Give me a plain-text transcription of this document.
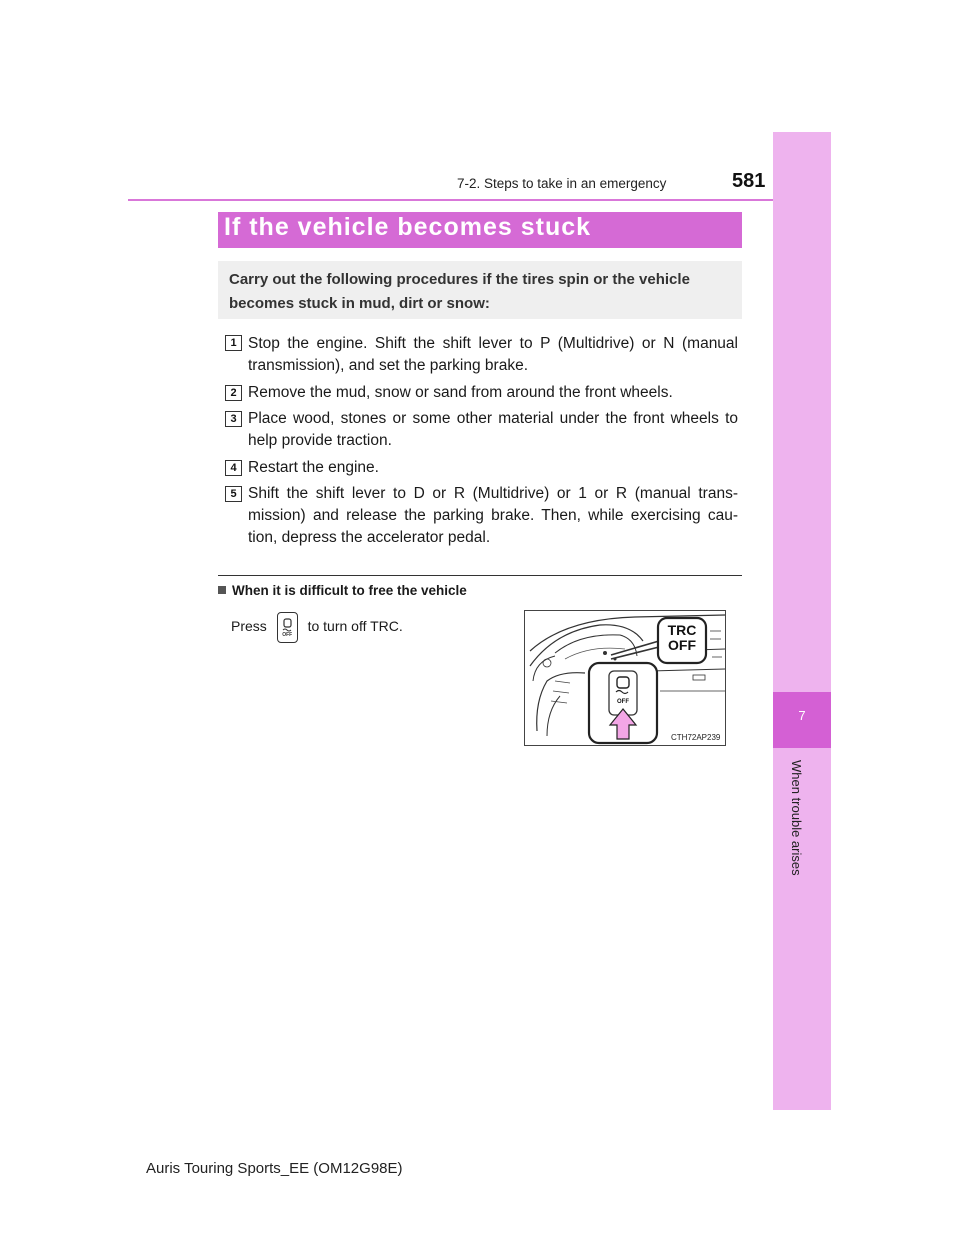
7-2. Steps to take in an emergency	581
7
When trouble arises
If the vehicle becomes stuck
Carry out the following procedures if the tires spin or the vehicle becomes stuck in mud, dirt or snow:
1 Stop the engine. Shift the shift lever to P (Multidrive) or N (manual transmission), and set the parking brake.
2 Remove the mud, snow or sand from around the front wheels.
3 Place wood, stones or some other material under the front wheels to help provide traction.
4 Restart the engine.
5 Shift the shift lever to D or R (Multidrive) or 1 or R (manual trans-mission) and release the parking brake. Then, while exercising cau-tion, depress the accelerator pedal.
When it is difficult to free the vehicle
Press
OFF
to turn off TRC.	TRC
OFF
OFF
CTH72AP239
Auris Touring Sports_EE (OM12G98E)
